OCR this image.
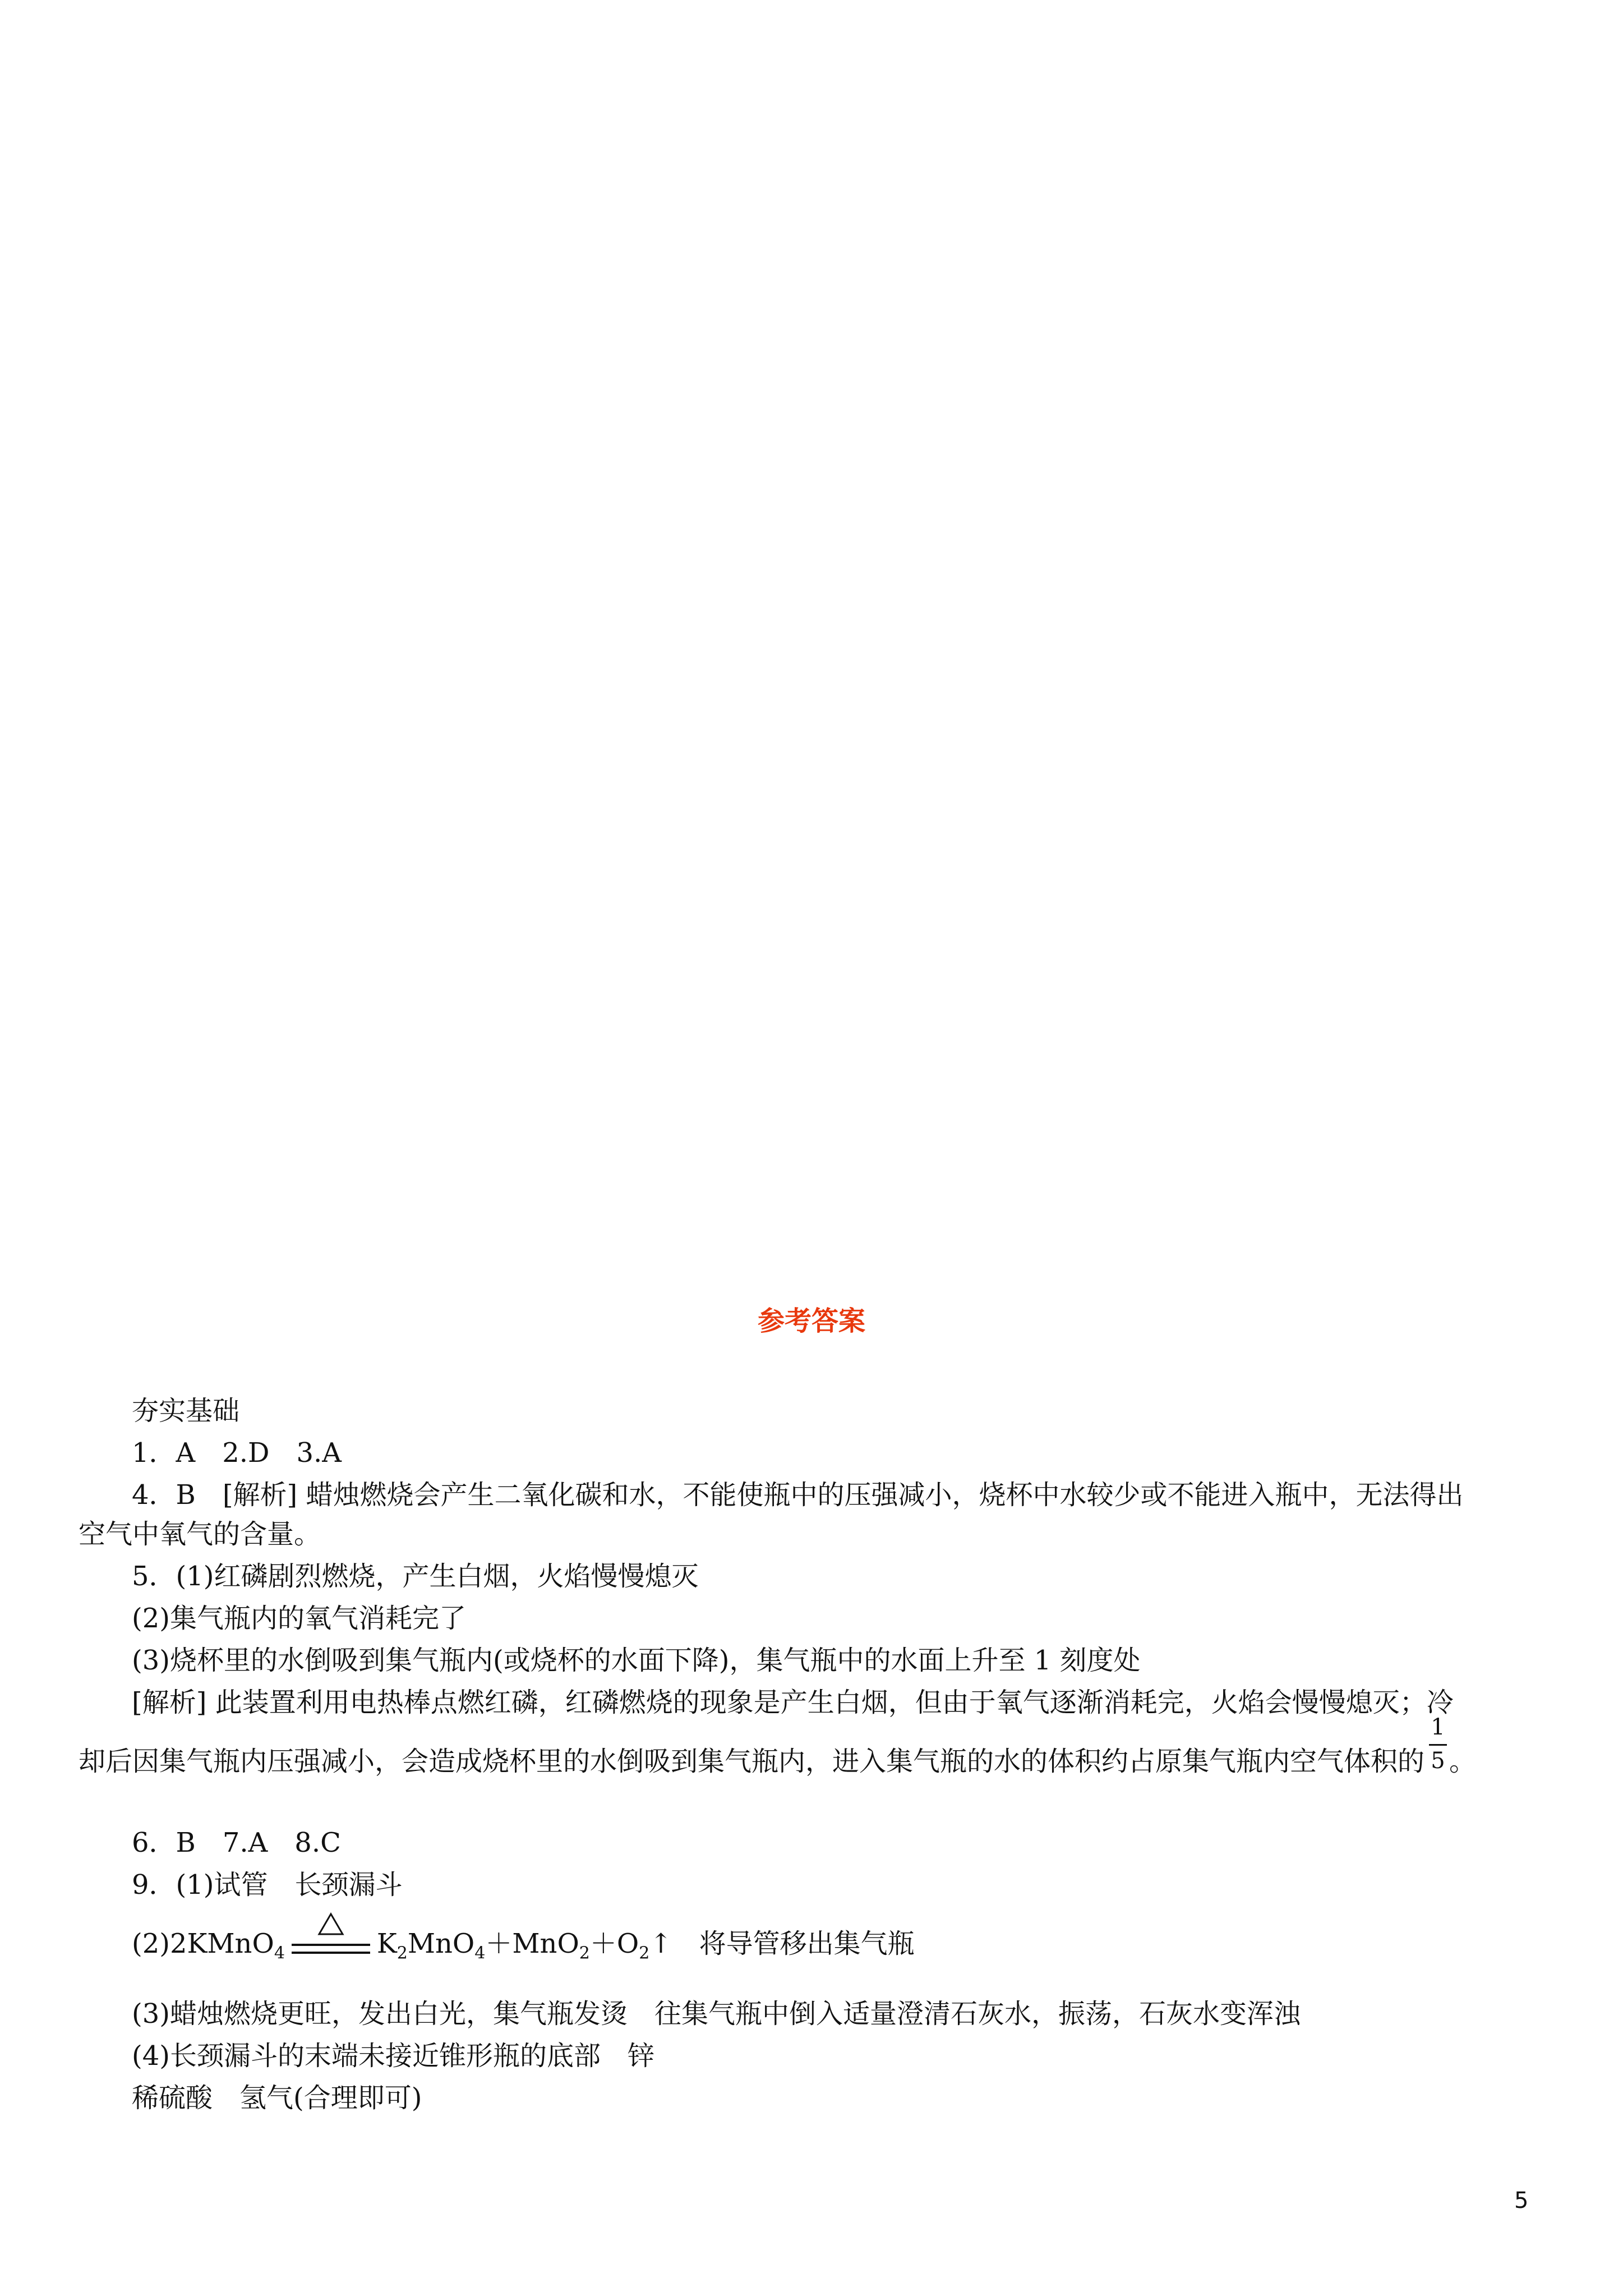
参考答案
夯实基础
1．A　2.D　3.A
4．B　[解析] 蜡烛燃烧会产生二氧化碳和水，不能使瓶中的压强减小，烧杯中水较少或不能进入瓶中，无法得出
空气中氧气的含量。
5．(1)红磷剧烈燃烧，产生白烟，火焰慢慢熄灭
(2)集气瓶内的氧气消耗完了
(3)烧杯里的水倒吸到集气瓶内(或烧杯的水面下降)，集气瓶中的水面上升至 1 刻度处
[解析] 此装置利用电热棒点燃红磷，红磷燃烧的现象是产生白烟，但由于氧气逐渐消耗完，火焰会慢慢熄灭；冷
却后因集气瓶内压强减小，会造成烧杯里的水倒吸到集气瓶内，进入集气瓶的水的体积约占原集气瓶内空气体积的 $\frac{1}{5}$ 。
6．B　7.A　8.C
9．(1)试管　长颈漏斗
(2)2KMnO$_4$	$K_2MnO_4+MnO_2+O_2↑$　将导管移出集气瓶
(3)蜡烛燃烧更旺，发出白光，集气瓶发烫　往集气瓶中倒入适量澄清石灰水，振荡，石灰水变浑浊
(4)长颈漏斗的末端未接近锥形瓶的底部　锌
稀硫酸　氢气(合理即可)
5
